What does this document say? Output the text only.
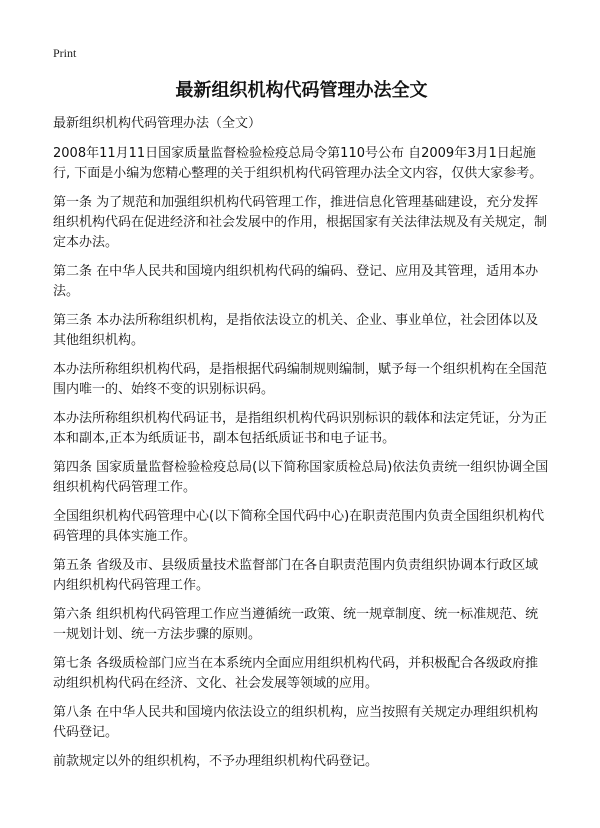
Print
最新组织机构代码管理办法全文

最新组织机构代码管理办法（全文）

2008年11月11日国家质量监督检验检疫总局令第110号公布 自2009年3月1日起施行, 下面是小编为您精心整理的关于组织机构代码管理办法全文内容，仅供大家参考。

第一条 为了规范和加强组织机构代码管理工作，推进信息化管理基础建设，充分发挥组织机构代码在促进经济和社会发展中的作用，根据国家有关法律法规及有关规定，制定本办法。

第二条 在中华人民共和国境内组织机构代码的编码、登记、应用及其管理，适用本办法。

第三条 本办法所称组织机构，是指依法设立的机关、企业、事业单位，社会团体以及其他组织机构。

本办法所称组织机构代码，是指根据代码编制规则编制，赋予每一个组织机构在全国范围内唯一的、始终不变的识别标识码。

本办法所称组织机构代码证书，是指组织机构代码识别标识的载体和法定凭证，分为正本和副本,正本为纸质证书，副本包括纸质证书和电子证书。

第四条 国家质量监督检验检疫总局(以下简称国家质检总局)依法负责统一组织协调全国组织机构代码管理工作。

全国组织机构代码管理中心(以下简称全国代码中心)在职责范围内负责全国组织机构代码管理的具体实施工作。

第五条 省级及市、县级质量技术监督部门在各自职责范围内负责组织协调本行政区域内组织机构代码管理工作。

第六条 组织机构代码管理工作应当遵循统一政策、统一规章制度、统一标准规范、统一规划计划、统一方法步骤的原则。

第七条 各级质检部门应当在本系统内全面应用组织机构代码，并积极配合各级政府推动组织机构代码在经济、文化、社会发展等领域的应用。

第八条 在中华人民共和国境内依法设立的组织机构，应当按照有关规定办理组织机构代码登记。

前款规定以外的组织机构，不予办理组织机构代码登记。
